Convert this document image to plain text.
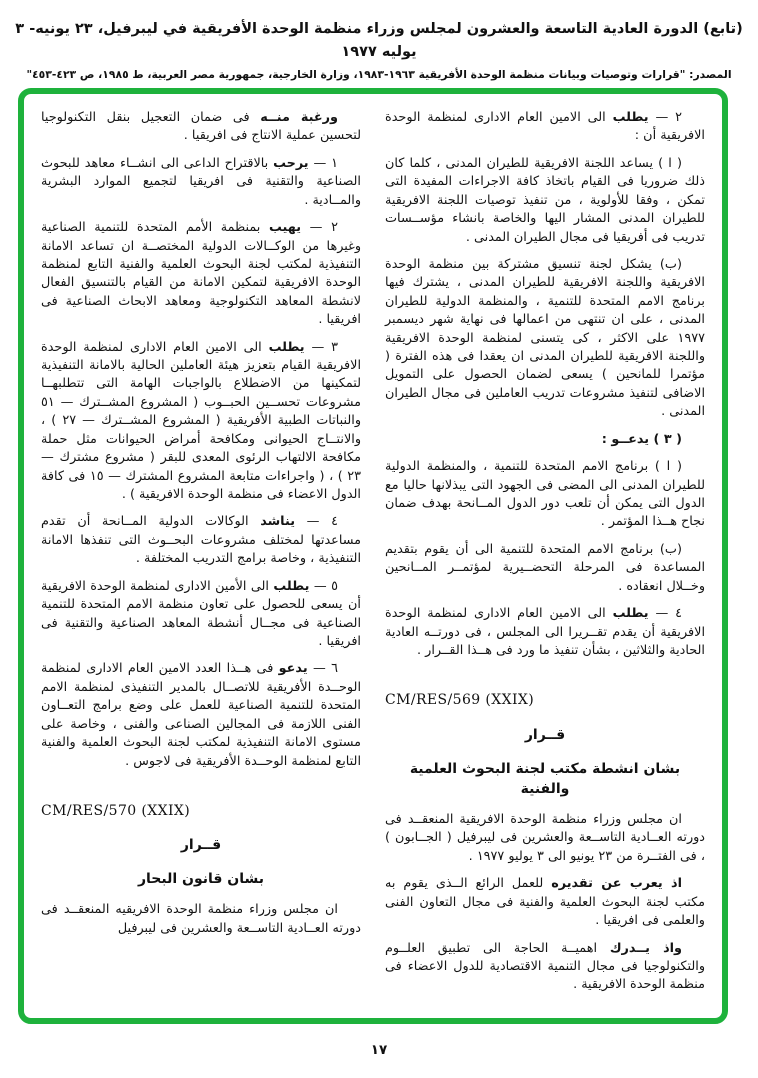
(تابع) الدورة العادية التاسعة والعشرون لمجلس وزراء منظمة الوحدة الأفريقية في ليبرفيل، ٢٣ يونيه- ٣ يوليه ١٩٧٧
المصدر: "قرارات وتوصيات وبيانات منظمة الوحدة الأفريقية ١٩٦٣-١٩٨٣، وزارة الخارجية، جمهورية مصر العربية، ط ١٩٨٥، ص ٤٢٣-٤٥٣"
٢ — يطلب الى الامين العام الادارى لمنظمة الوحدة الافريقية أن :
( ا ) يساعد اللجنة الافريقية للطيران المدنى ، كلما كان ذلك ضروريا فى القيام باتخاذ كافة الاجراءات المفيدة التى تمكن ، وفقا للأولوية ، من تنفيذ توصيات اللجنة الافريقية للطيران المدنى المشار اليها والخاصة بانشاء مؤســسات تدريب فى أفريقيا فى مجال الطيران المدنى .
(ب) يشكل لجنة تنسيق مشتركة بين منظمة الوحدة الافريقية واللجنة الافريقية للطيران المدنى ، يشترك فيها برنامج الامم المتحدة للتنمية ، والمنظمة الدولية للطيران المدنى ، على ان تنتهى من اعمالها فى نهاية شهر ديسمبر ١٩٧٧ على الاكثر ، كى يتسنى لمنظمة الوحدة الافريقية واللجنة الافريقية للطيران المدنى ان يعقدا فى هذه الفترة ( مؤتمرا للمانحين ) يسعى لضمان الحصول على التمويل الاضافى لتنفيذ مشروعات تدريب العاملين فى مجال الطيران المدنى .
( ٣ ) يدعــو :
( ا ) برنامج الامم المتحدة للتنمية ، والمنظمة الدولية للطيران المدنى الى المضى فى الجهود التى يبذلانها حاليا مع الدول التى يمكن أن تلعب دور الدول المــانحة بهدف ضمان نجاح هــذا المؤتمر .
(ب) برنامج الامم المتحدة للتنمية الى أن يقوم بتقديم المساعدة فى المرحلة التحضــيرية لمؤتمــر المــانحين وخــلال انعقاده .
٤ — يطلب الى الامين العام الادارى لمنظمة الوحدة الافريقية أن يقدم تقــريرا الى المجلس ، فى دورتــه العادية الحادية والثلاثين ، بشأن تنفيذ ما ورد فى هــذا القــرار .
CM/RES/569 (XXIX)
قــرار
بشان انشطة مكتب لجنة البحوث العلمية والفنية
ان مجلس وزراء منظمة الوحدة الافريقية المنعقــد فى دورته العــادية التاســعة والعشرين فى ليبرفيل ( الجــابون ) ، فى الفتــرة من ٢٣ يونيو الى ٣ يوليو ١٩٧٧ .
اذ يعرب عن تقديره للعمل الرائع الــذى يقوم به مكتب لجنة البحوث العلمية والفنية فى مجال التعاون الفنى والعلمى فى افريقيا .
واذ يــدرك اهميــة الحاجة الى تطبيق العلــوم والتكنولوجيا فى مجال التنمية الاقتصادية للدول الاعضاء فى منظمة الوحدة الافريقية .
ورغبة منــه فى ضمان التعجيل بنقل التكنولوجيا لتحسين عملية الانتاج فى افريقيا .
١ — يرحب بالاقتراح الداعى الى انشــاء معاهد للبحوث الصناعية والتقنية فى افريقيا لتجميع الموارد البشرية والمــادية .
٢ — يهيب بمنظمة الأمم المتحدة للتنمية الصناعية وغيرها من الوكــالات الدولية المختصــة ان تساعد الامانة التنفيذية لمكتب لجنة البحوث العلمية والفنية التابع لمنظمة الوحدة الافريقية لتمكين الامانة من القيام بالتنسيق الفعال لانشطة المعاهد التكنولوجية ومعاهد الابحاث الصناعية فى افريقيا .
٣ — يطلب الى الامين العام الادارى لمنظمة الوحدة الافريقية القيام بتعزيز هيئة العاملين الحالية بالامانة التنفيذية لتمكينها من الاضطلاع بالواجبات الهامة التى تتطلبهــا مشروعات تحســين الحبــوب ( المشروع المشــترك — ٥١ والنباتات الطبية الأفريقية ( المشروع المشــترك — ٢٧ ) ، والانتــاج الحيوانى ومكافحة أمراض الحيوانات مثل حملة مكافحة الالتهاب الرئوى المعدى للبقر ( مشروع مشترك — ٢٣ ) ، ( واجراءات متابعة المشروع المشترك — ١٥ فى كافة الدول الاعضاء فى منظمة الوحدة الافريقية ) .
٤ — يناشد الوكالات الدولية المــانحة أن تقدم مساعدتها لمختلف مشروعات البحــوث التى تنفذها الامانة التنفيذية ، وخاصة برامج التدريب المختلفة .
٥ — يطلب الى الأمين الادارى لمنظمة الوحدة الافريقية أن يسعى للحصول على تعاون منظمة الامم المتحدة للتنمية الصناعية فى مجــال أنشطة المعاهد الصناعية والتقنية فى افريقيا .
٦ — يدعو فى هــذا العدد الامين العام الادارى لمنظمة الوحــدة الأفريقية للاتصــال بالمدير التنفيذى لمنظمة الامم المتحدة للتنمية الصناعية للعمل على وضع برامج التعــاون الفنى اللازمة فى المجالين الصناعى والفنى ، وخاصة على مستوى الامانة التنفيذية لمكتب لجنة البحوث العلمية والفنية التابع لمنظمة الوحــدة الأفريقية فى لاجوس .
CM/RES/570 (XXIX)
قــرار
بشان قانون البحار
ان مجلس وزراء منظمة الوحدة الافريقيه المنعقــد فى دورته العــادية التاســعة والعشرين فى ليبرفيل
١٧
